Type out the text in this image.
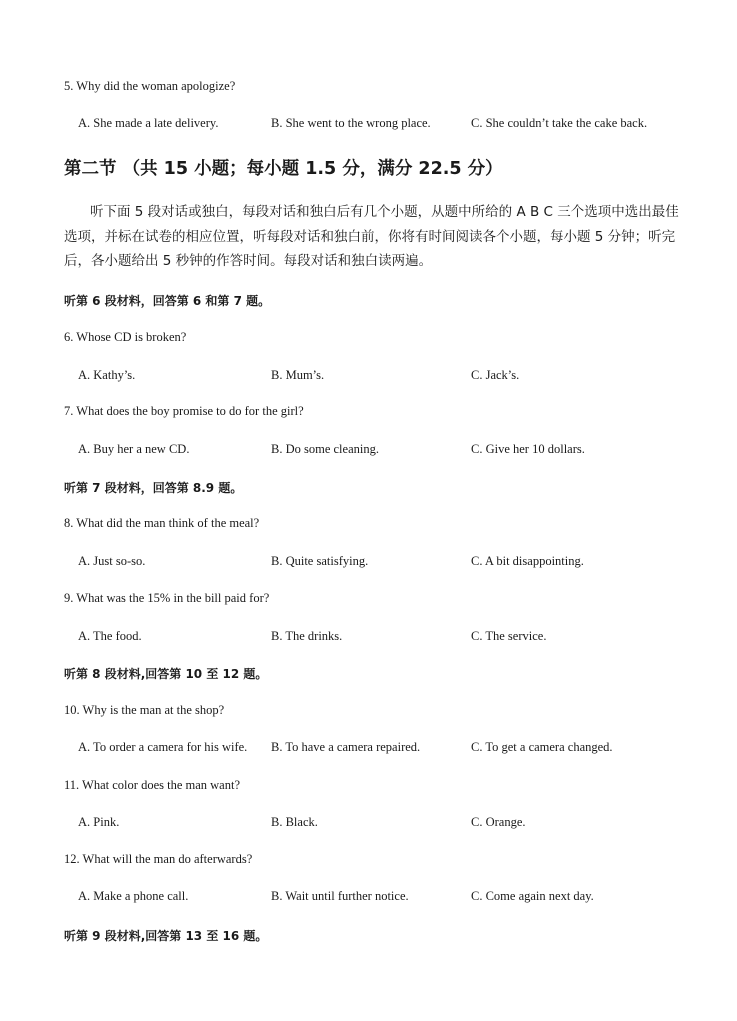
5. Why did the woman apologize?
A. She made a late delivery.	B. She went to the wrong place.	C. She couldn’t take the cake back.
第二节 （共 15 小题；每小题 1.5 分，满分 22.5 分）
听下面 5 段对话或独白，每段对话和独白后有几个小题，从题中所给的 A B C 三个选项中选出最佳选项，并标在试卷的相应位置，听每段对话和独白前，你将有时间阅读各个小题，每小题 5 分钟；听完后，各小题给出 5 秒钟的作答时间。每段对话和独白读两遍。
听第 6 段材料，回答第 6 和第 7 题。
6. Whose CD is broken?
A. Kathy’s.	B. Mum’s.	C. Jack’s.
7. What does the boy promise to do for the girl?
A. Buy her a new CD.	B. Do some cleaning.	C. Give her 10 dollars.
听第 7 段材料，回答第 8.9 题。
8. What did the man think of the meal?
A. Just so-so.	B. Quite satisfying.	C. A bit disappointing.
9. What was the 15% in the bill paid for?
A. The food.	B. The drinks.	C. The service.
听第 8 段材料,回答第 10 至 12 题。
10. Why is the man at the shop?
A. To order a camera for his wife. B. To have a camera repaired.	C. To get a camera changed.
11. What color does the man want?
A. Pink.	B. Black.	C. Orange.
12. What will the man do afterwards?
A. Make a phone call.	B. Wait until further notice.	C. Come again next day.
听第 9 段材料,回答第 13 至 16 题。
